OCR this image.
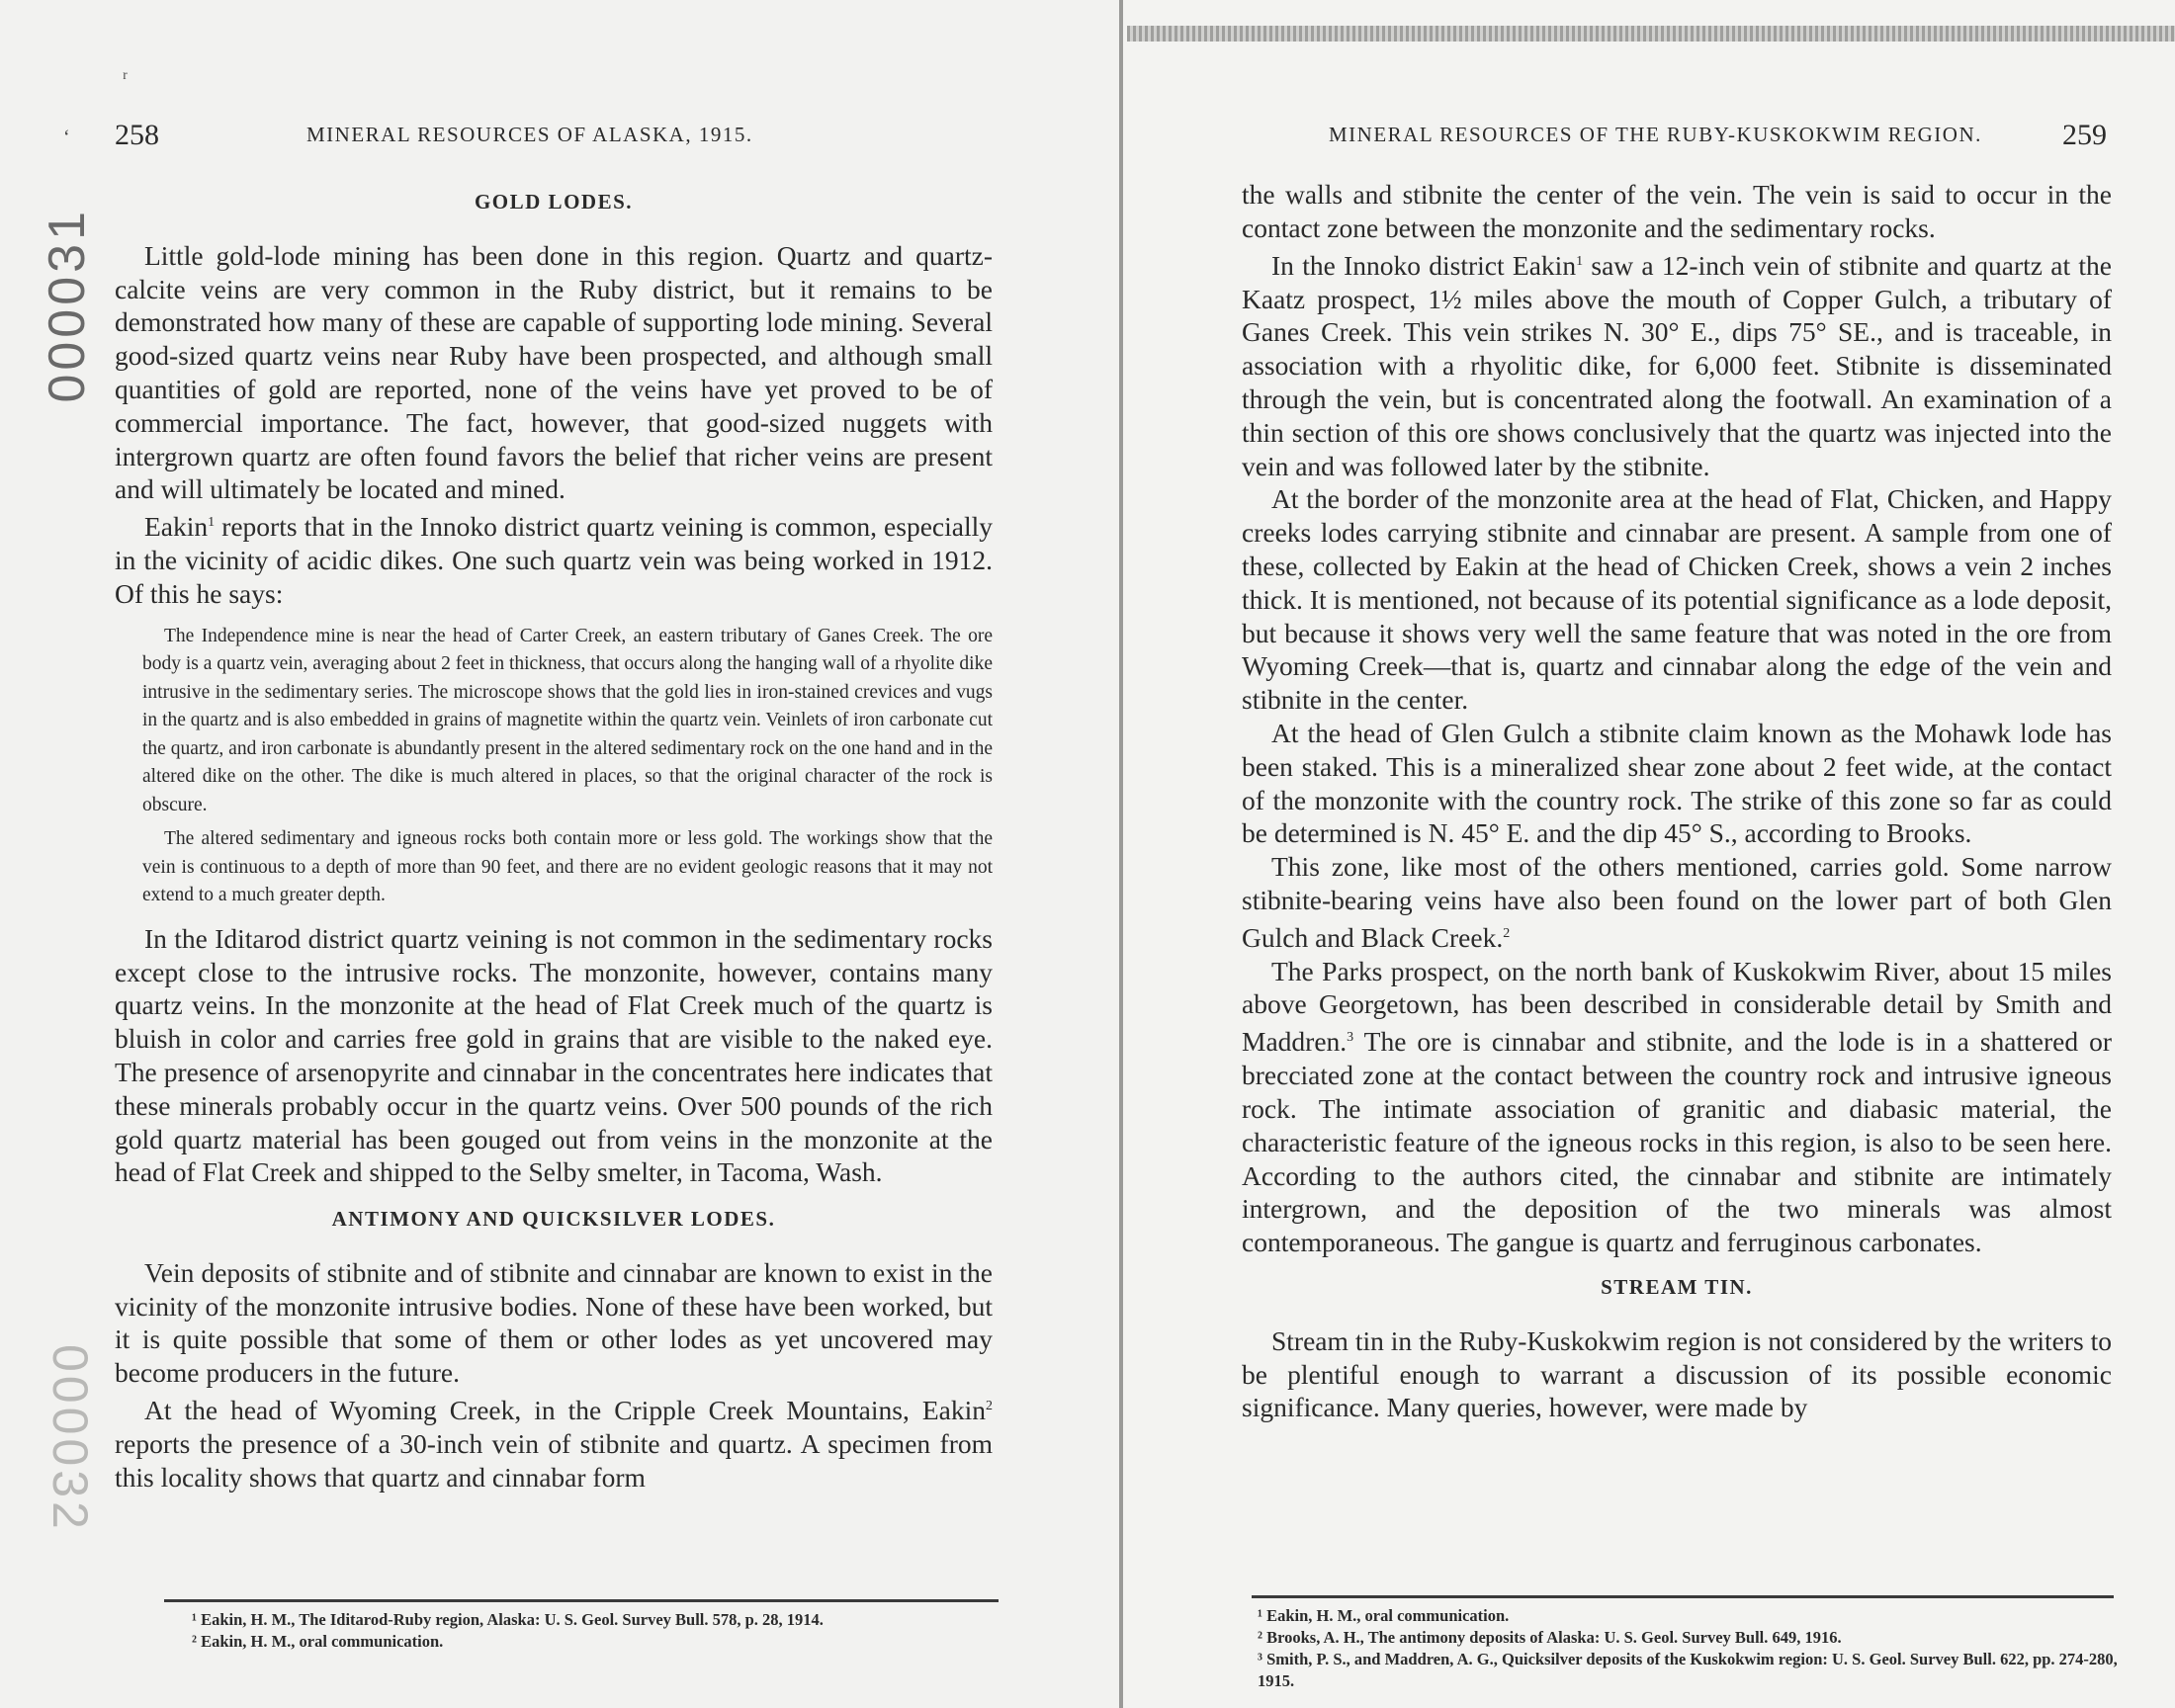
ʳ
ʻ
000031
000032
258	MINERAL RESOURCES OF ALASKA, 1915.

GOLD LODES.

Little gold-lode mining has been done in this region. Quartz and quartz-calcite veins are very common in the Ruby district, but it remains to be demonstrated how many of these are capable of supporting lode mining. Several good-sized quartz veins near Ruby have been prospected, and although small quantities of gold are reported, none of the veins have yet proved to be of commercial importance. The fact, however, that good-sized nuggets with intergrown quartz are often found favors the belief that richer veins are present and will ultimately be located and mined.

Eakin$^1$ reports that in the Innoko district quartz veining is common, especially in the vicinity of acidic dikes. One such quartz vein was being worked in 1912. Of this he says:

The Independence mine is near the head of Carter Creek, an eastern tributary of Ganes Creek. The ore body is a quartz vein, averaging about 2 feet in thickness, that occurs along the hanging wall of a rhyolite dike intrusive in the sedimentary series. The microscope shows that the gold lies in iron-stained crevices and vugs in the quartz and is also embedded in grains of magnetite within the quartz vein. Veinlets of iron carbonate cut the quartz, and iron carbonate is abundantly present in the altered sedimentary rock on the one hand and in the altered dike on the other. The dike is much altered in places, so that the original character of the rock is obscure.

The altered sedimentary and igneous rocks both contain more or less gold. The workings show that the vein is continuous to a depth of more than 90 feet, and there are no evident geologic reasons that it may not extend to a much greater depth.

In the Iditarod district quartz veining is not common in the sedimentary rocks except close to the intrusive rocks. The monzonite, however, contains many quartz veins. In the monzonite at the head of Flat Creek much of the quartz is bluish in color and carries free gold in grains that are visible to the naked eye. The presence of arsenopyrite and cinnabar in the concentrates here indicates that these minerals probably occur in the quartz veins. Over 500 pounds of the rich gold quartz material has been gouged out from veins in the monzonite at the head of Flat Creek and shipped to the Selby smelter, in Tacoma, Wash.

ANTIMONY AND QUICKSILVER LODES.

Vein deposits of stibnite and of stibnite and cinnabar are known to exist in the vicinity of the monzonite intrusive bodies. None of these have been worked, but it is quite possible that some of them or other lodes as yet uncovered may become producers in the future.

At the head of Wyoming Creek, in the Cripple Creek Mountains, Eakin$^2$ reports the presence of a 30-inch vein of stibnite and quartz. A specimen from this locality shows that quartz and cinnabar form

¹ Eakin, H. M., The Iditarod-Ruby region, Alaska: U. S. Geol. Survey Bull. 578, p. 28, 1914.
² Eakin, H. M., oral communication.
MINERAL RESOURCES OF THE RUBY-KUSKOKWIM REGION.	259

the walls and stibnite the center of the vein. The vein is said to occur in the contact zone between the monzonite and the sedimentary rocks.

In the Innoko district Eakin$^1$ saw a 12-inch vein of stibnite and quartz at the Kaatz prospect, 1½ miles above the mouth of Copper Gulch, a tributary of Ganes Creek. This vein strikes N. 30° E., dips 75° SE., and is traceable, in association with a rhyolitic dike, for 6,000 feet. Stibnite is disseminated through the vein, but is concentrated along the footwall. An examination of a thin section of this ore shows conclusively that the quartz was injected into the vein and was followed later by the stibnite.

At the border of the monzonite area at the head of Flat, Chicken, and Happy creeks lodes carrying stibnite and cinnabar are present. A sample from one of these, collected by Eakin at the head of Chicken Creek, shows a vein 2 inches thick. It is mentioned, not because of its potential significance as a lode deposit, but because it shows very well the same feature that was noted in the ore from Wyoming Creek—that is, quartz and cinnabar along the edge of the vein and stibnite in the center.

At the head of Glen Gulch a stibnite claim known as the Mohawk lode has been staked. This is a mineralized shear zone about 2 feet wide, at the contact of the monzonite with the country rock. The strike of this zone so far as could be determined is N. 45° E. and the dip 45° S., according to Brooks.

This zone, like most of the others mentioned, carries gold. Some narrow stibnite-bearing veins have also been found on the lower part of both Glen Gulch and Black Creek.$^2$

The Parks prospect, on the north bank of Kuskokwim River, about 15 miles above Georgetown, has been described in considerable detail by Smith and Maddren.$^3$ The ore is cinnabar and stibnite, and the lode is in a shattered or brecciated zone at the contact between the country rock and intrusive igneous rock. The intimate association of granitic and diabasic material, the characteristic feature of the igneous rocks in this region, is also to be seen here. According to the authors cited, the cinnabar and stibnite are intimately intergrown, and the deposition of the two minerals was almost contemporaneous. The gangue is quartz and ferruginous carbonates.

STREAM TIN.

Stream tin in the Ruby-Kuskokwim region is not considered by the writers to be plentiful enough to warrant a discussion of its possible economic significance. Many queries, however, were made by

¹ Eakin, H. M., oral communication.
² Brooks, A. H., The antimony deposits of Alaska: U. S. Geol. Survey Bull. 649, 1916.
³ Smith, P. S., and Maddren, A. G., Quicksilver deposits of the Kuskokwim region: U. S. Geol. Survey Bull. 622, pp. 274-280, 1915.
